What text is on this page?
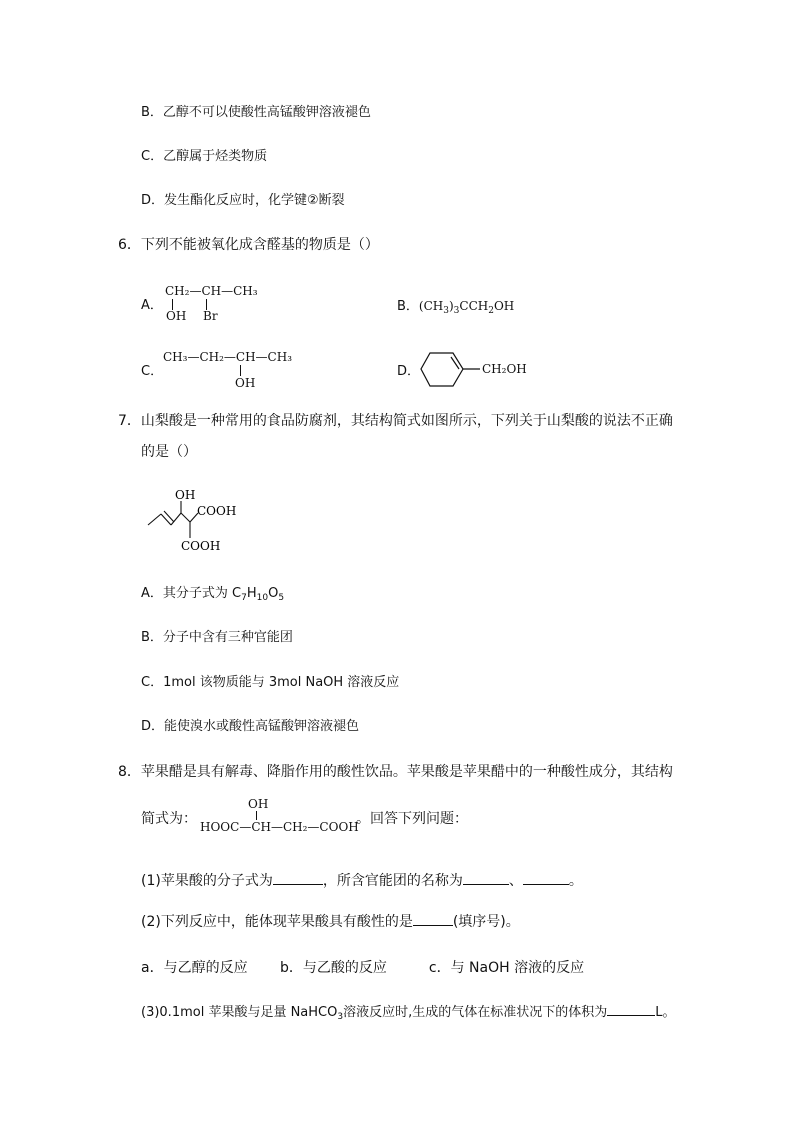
B．乙醇不可以使酸性高锰酸钾溶液褪色
C．乙醇属于烃类物质
D．发生酯化反应时，化学键②断裂
6．下列不能被氧化成含醛基的物质是（）
A．
CH₂—CH—CH₃
OH Br
B．$(CH_3)_3CCH_2OH$
C．
CH₃—CH₂—CH—CH₃
OH
D．	CH₂OH
7．山梨酸是一种常用的食品防腐剂，其结构简式如图所示，下列关于山梨酸的说法不正确
的是（）
OH
COOH
COOH
A．其分子式为 $C_7H_{10}O_5$
B．分子中含有三种官能团
C．1mol 该物质能与 3mol NaOH 溶液反应
D．能使溴水或酸性高锰酸钾溶液褪色
8．苹果醋是具有解毒、降脂作用的酸性饮品。苹果酸是苹果醋中的一种酸性成分，其结构
简式为：
OH
HOOC—CH—CH₂—COOH
。回答下列问题：
(1)苹果酸的分子式为	，所含官能团的名称为	、	。
(2)下列反应中，能体现苹果酸具有酸性的是	(填序号)。
a．与乙醇的反应　　 b．与乙酸的反应　　　c．与 NaOH 溶液的反应
(3)0.1mol 苹果酸与足量 NaHCO$_3$溶液反应时,生成的气体在标准状况下的体积为	L。
